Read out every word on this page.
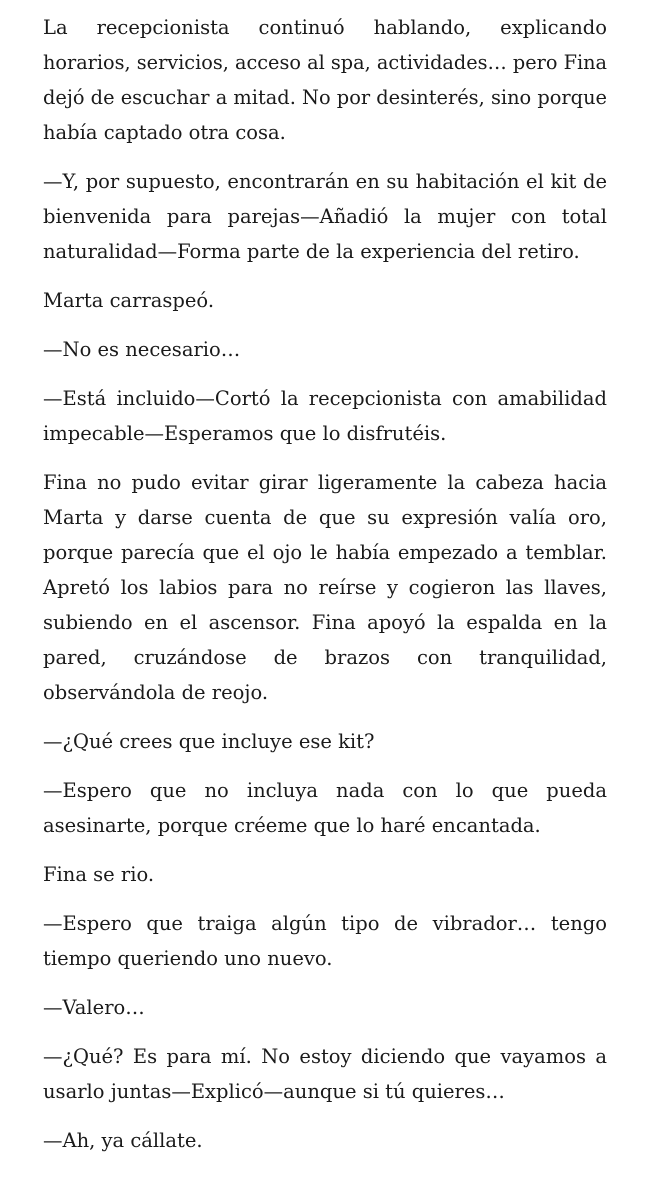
La recepcionista continuó hablando, explicando
horarios, servicios, acceso al spa, actividades… pero Fina
dejó de escuchar a mitad. No por desinterés, sino porque
había captado otra cosa.

—Y, por supuesto, encontrarán en su habitación el kit de
bienvenida para parejas—Añadió la mujer con total
naturalidad—Forma parte de la experiencia del retiro.

Marta carraspeó.

—No es necesario…

—Está incluido—Cortó la recepcionista con amabilidad
impecable—Esperamos que lo disfrutéis.

Fina no pudo evitar girar ligeramente la cabeza hacia
Marta y darse cuenta de que su expresión valía oro,
porque parecía que el ojo le había empezado a temblar.
Apretó los labios para no reírse y cogieron las llaves,
subiendo en el ascensor. Fina apoyó la espalda en la
pared, cruzándose de brazos con tranquilidad,
observándola de reojo.

—¿Qué crees que incluye ese kit?

—Espero que no incluya nada con lo que pueda
asesinarte, porque créeme que lo haré encantada.

Fina se rio.

—Espero que traiga algún tipo de vibrador… tengo
tiempo queriendo uno nuevo.

—Valero…

—¿Qué? Es para mí. No estoy diciendo que vayamos a
usarlo juntas—Explicó—aunque si tú quieres…

—Ah, ya cállate.
